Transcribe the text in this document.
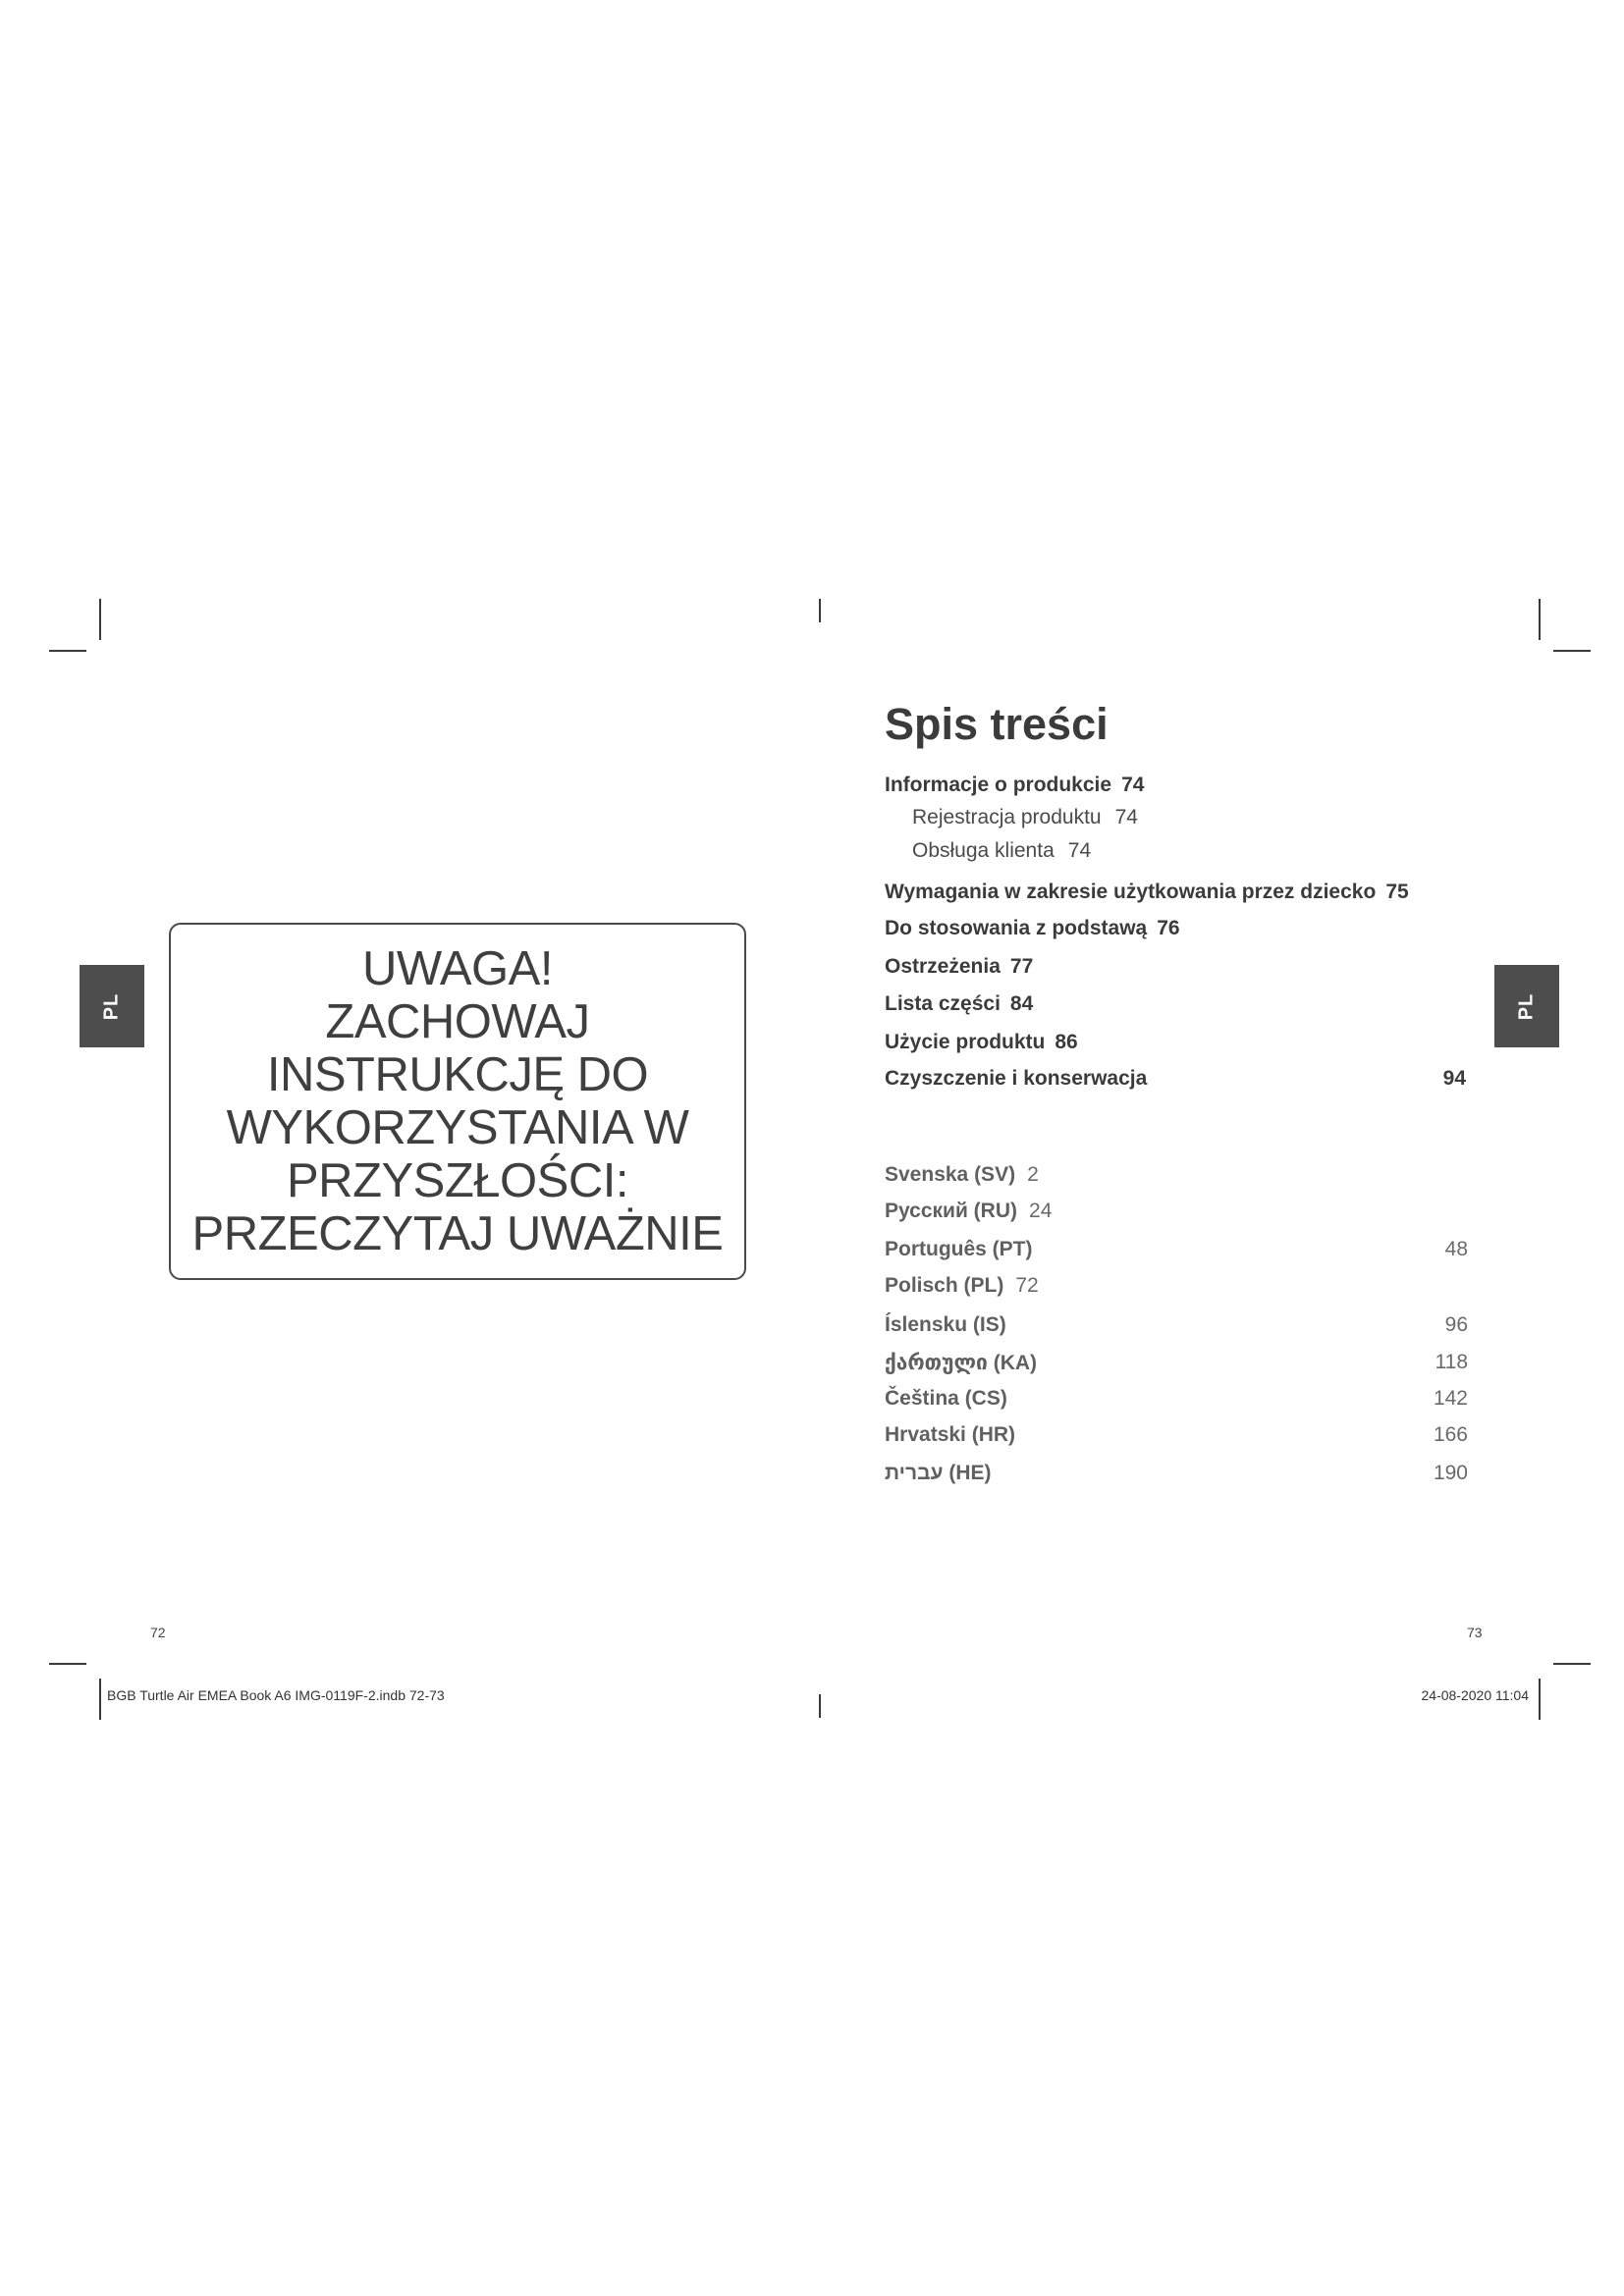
PL	PL
UWAGA!
ZACHOWAJ
INSTRUKCJĘ DO
WYKORZYSTANIA W
PRZYSZŁOŚCI:
PRZECZYTAJ UWAŻNIE
Spis treści
Informacje o produkcie 74
Rejestracja produktu 74
Obsługa klienta 74
Wymagania w zakresie użytkowania przez dziecko 75
Do stosowania z podstawą 76
Ostrzeżenia 77
Lista części 84
Użycie produktu 86
Czyszczenie i konserwacja	94
Svenska (SV) 2
Русский (RU) 24
Português (PT)	48
Polisch (PL) 72
Íslensku (IS)	96
ქართული (KA)	118
Čeština (CS)	142
Hrvatski (HR)	166
עברית (HE)	190
72	73
BGB Turtle Air EMEA Book A6 IMG-0119F-2.indb 72-73	24-08-2020 11:04
